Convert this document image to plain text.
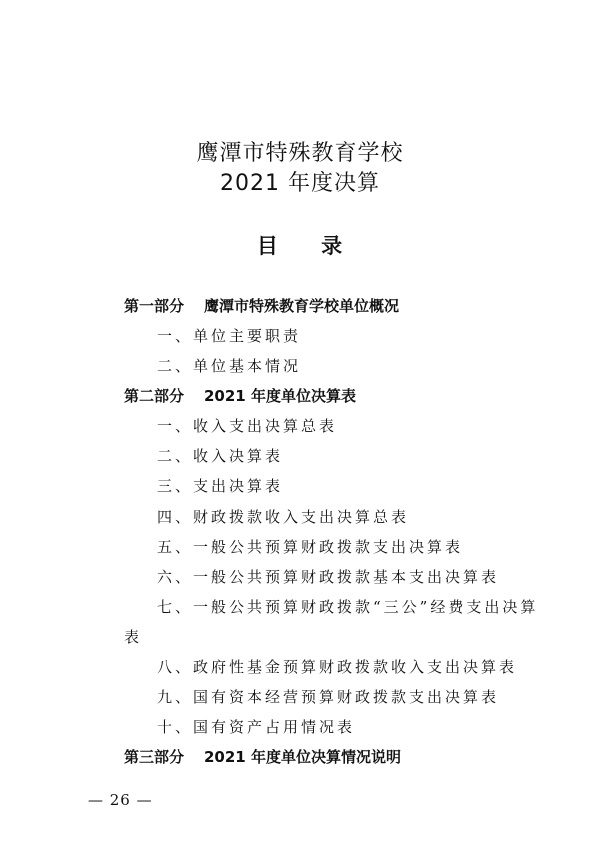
鹰潭市特殊教育学校
2021 年度决算
目 录
第一部分 鹰潭市特殊教育学校单位概况
一、单位主要职责
二、单位基本情况
第二部分 2021 年度单位决算表
一、收入支出决算总表
二、收入决算表
三、支出决算表
四、财政拨款收入支出决算总表
五、一般公共预算财政拨款支出决算表
六、一般公共预算财政拨款基本支出决算表
七、一般公共预算财政拨款“三公”经费支出决算
表
八、政府性基金预算财政拨款收入支出决算表
九、国有资本经营预算财政拨款支出决算表
十、国有资产占用情况表
第三部分 2021 年度单位决算情况说明
— 26 —
